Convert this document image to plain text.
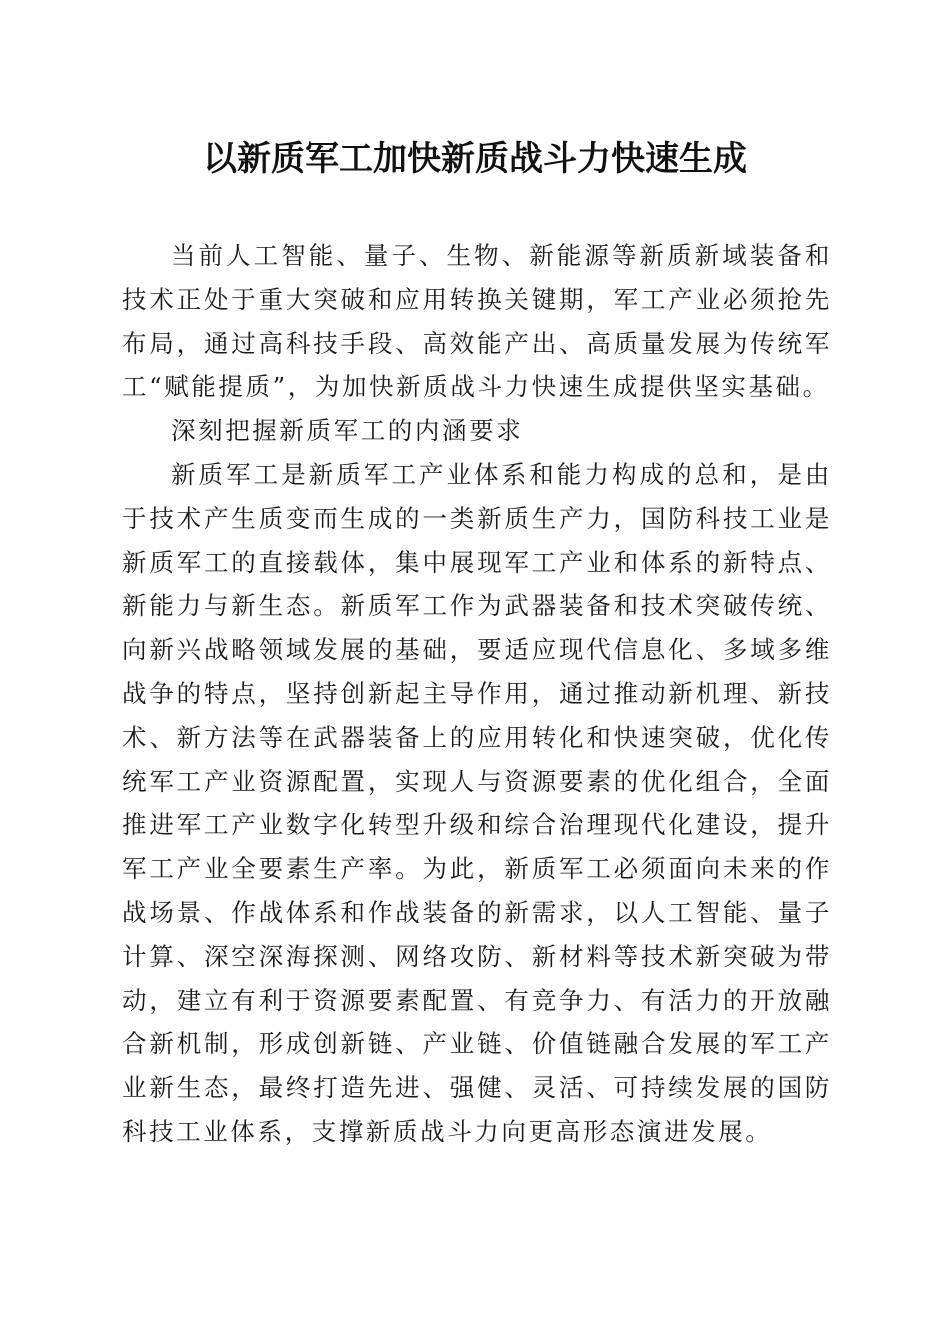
以新质军工加快新质战斗力快速生成

当前人工智能、量子、生物、新能源等新质新域装备和技术正处于重大突破和应用转换关键期，军工产业必须抢先布局，通过高科技手段、高效能产出、高质量发展为传统军工“赋能提质”，为加快新质战斗力快速生成提供坚实基础。

深刻把握新质军工的内涵要求

新质军工是新质军工产业体系和能力构成的总和，是由于技术产生质变而生成的一类新质生产力，国防科技工业是新质军工的直接载体，集中展现军工产业和体系的新特点、新能力与新生态。新质军工作为武器装备和技术突破传统、向新兴战略领域发展的基础，要适应现代信息化、多域多维战争的特点，坚持创新起主导作用，通过推动新机理、新技术、新方法等在武器装备上的应用转化和快速突破，优化传统军工产业资源配置，实现人与资源要素的优化组合，全面推进军工产业数字化转型升级和综合治理现代化建设，提升军工产业全要素生产率。为此，新质军工必须面向未来的作战场景、作战体系和作战装备的新需求，以人工智能、量子计算、深空深海探测、网络攻防、新材料等技术新突破为带动，建立有利于资源要素配置、有竞争力、有活力的开放融合新机制，形成创新链、产业链、价值链融合发展的军工产业新生态，最终打造先进、强健、灵活、可持续发展的国防科技工业体系，支撑新质战斗力向更高形态演进发展。
